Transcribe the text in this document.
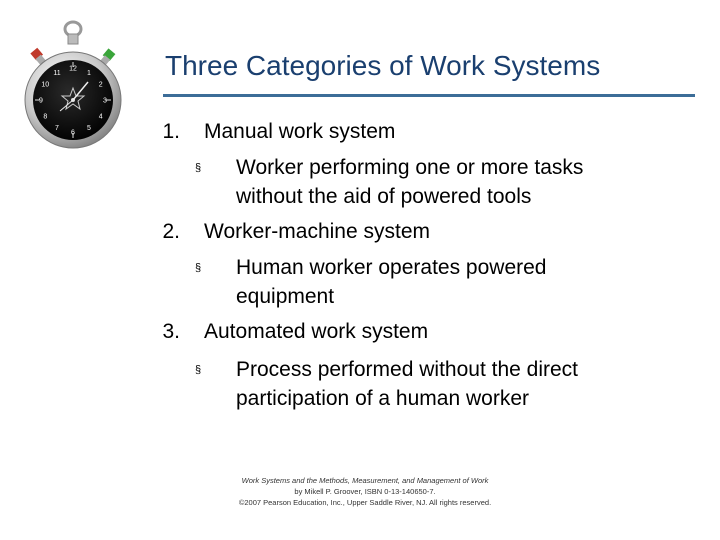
12
1
2
3
4
5
6
7
8
9
10
11	Three Categories of Work Systems
1. Manual work system
§ Worker performing one or more tasks
without the aid of powered tools
2. Worker-machine system
§ Human worker operates powered
equipment
3. Automated work system
§ Process performed without the direct
participation of a human worker
Work Systems and the Methods, Measurement, and Management of Work
by Mikell P. Groover, ISBN 0-13-140650-7.
©2007 Pearson Education, Inc., Upper Saddle River, NJ. All rights reserved.
